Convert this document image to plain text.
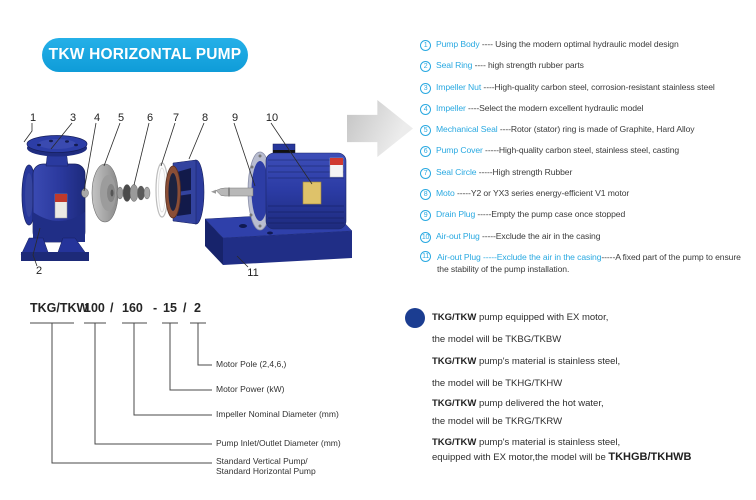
TKW HORIZONTAL PUMP
1	3 4 5 6 7 8 9	10
2	11
1 Pump Body ---- Using the modern optimal hydraulic model design
2 Seal Ring ---- high strength rubber parts
3 Impeller Nut ----High-quality carbon steel, corrosion-resistant stainless steel
4 Impeller ----Select the modern excellent hydraulic model
5 Mechanical Seal ----Rotor (stator) ring is made of Graphite, Hard Alloy
6 Pump Cover -----High-quality carbon steel, stainless steel, casting
7 Seal Circle -----High strength Rubber
8 Moto -----Y2 or YX3 series energy-efficient V1 motor
9 Drain Plug -----Empty the pump case once stopped
10 Air-out Plug -----Exclude the air in the casing
11 Air-out Plug -----Exclude the air in the casing-----A fixed part of the pump to ensure the stability of the pump installation.
TKG/TKW
100 / 160 - 15 / 2
Motor Pole (2,4,6,)
Motor Power (kW)
Impeller Nominal Diameter (mm)
Pump Inlet/Outlet Diameter (mm)
Standard Vertical Pump/
Standard Horizontal Pump
TKG/TKW pump equipped with EX motor,
the model will be TKBG/TKBW
TKG/TKW pump's material is stainless steel,
the model will be TKHG/TKHW
TKG/TKW pump delivered the hot water,
the model will be TKRG/TKRW
TKG/TKW pump's material is stainless steel,
equipped with EX motor,the model will be TKHGB/TKHWB
